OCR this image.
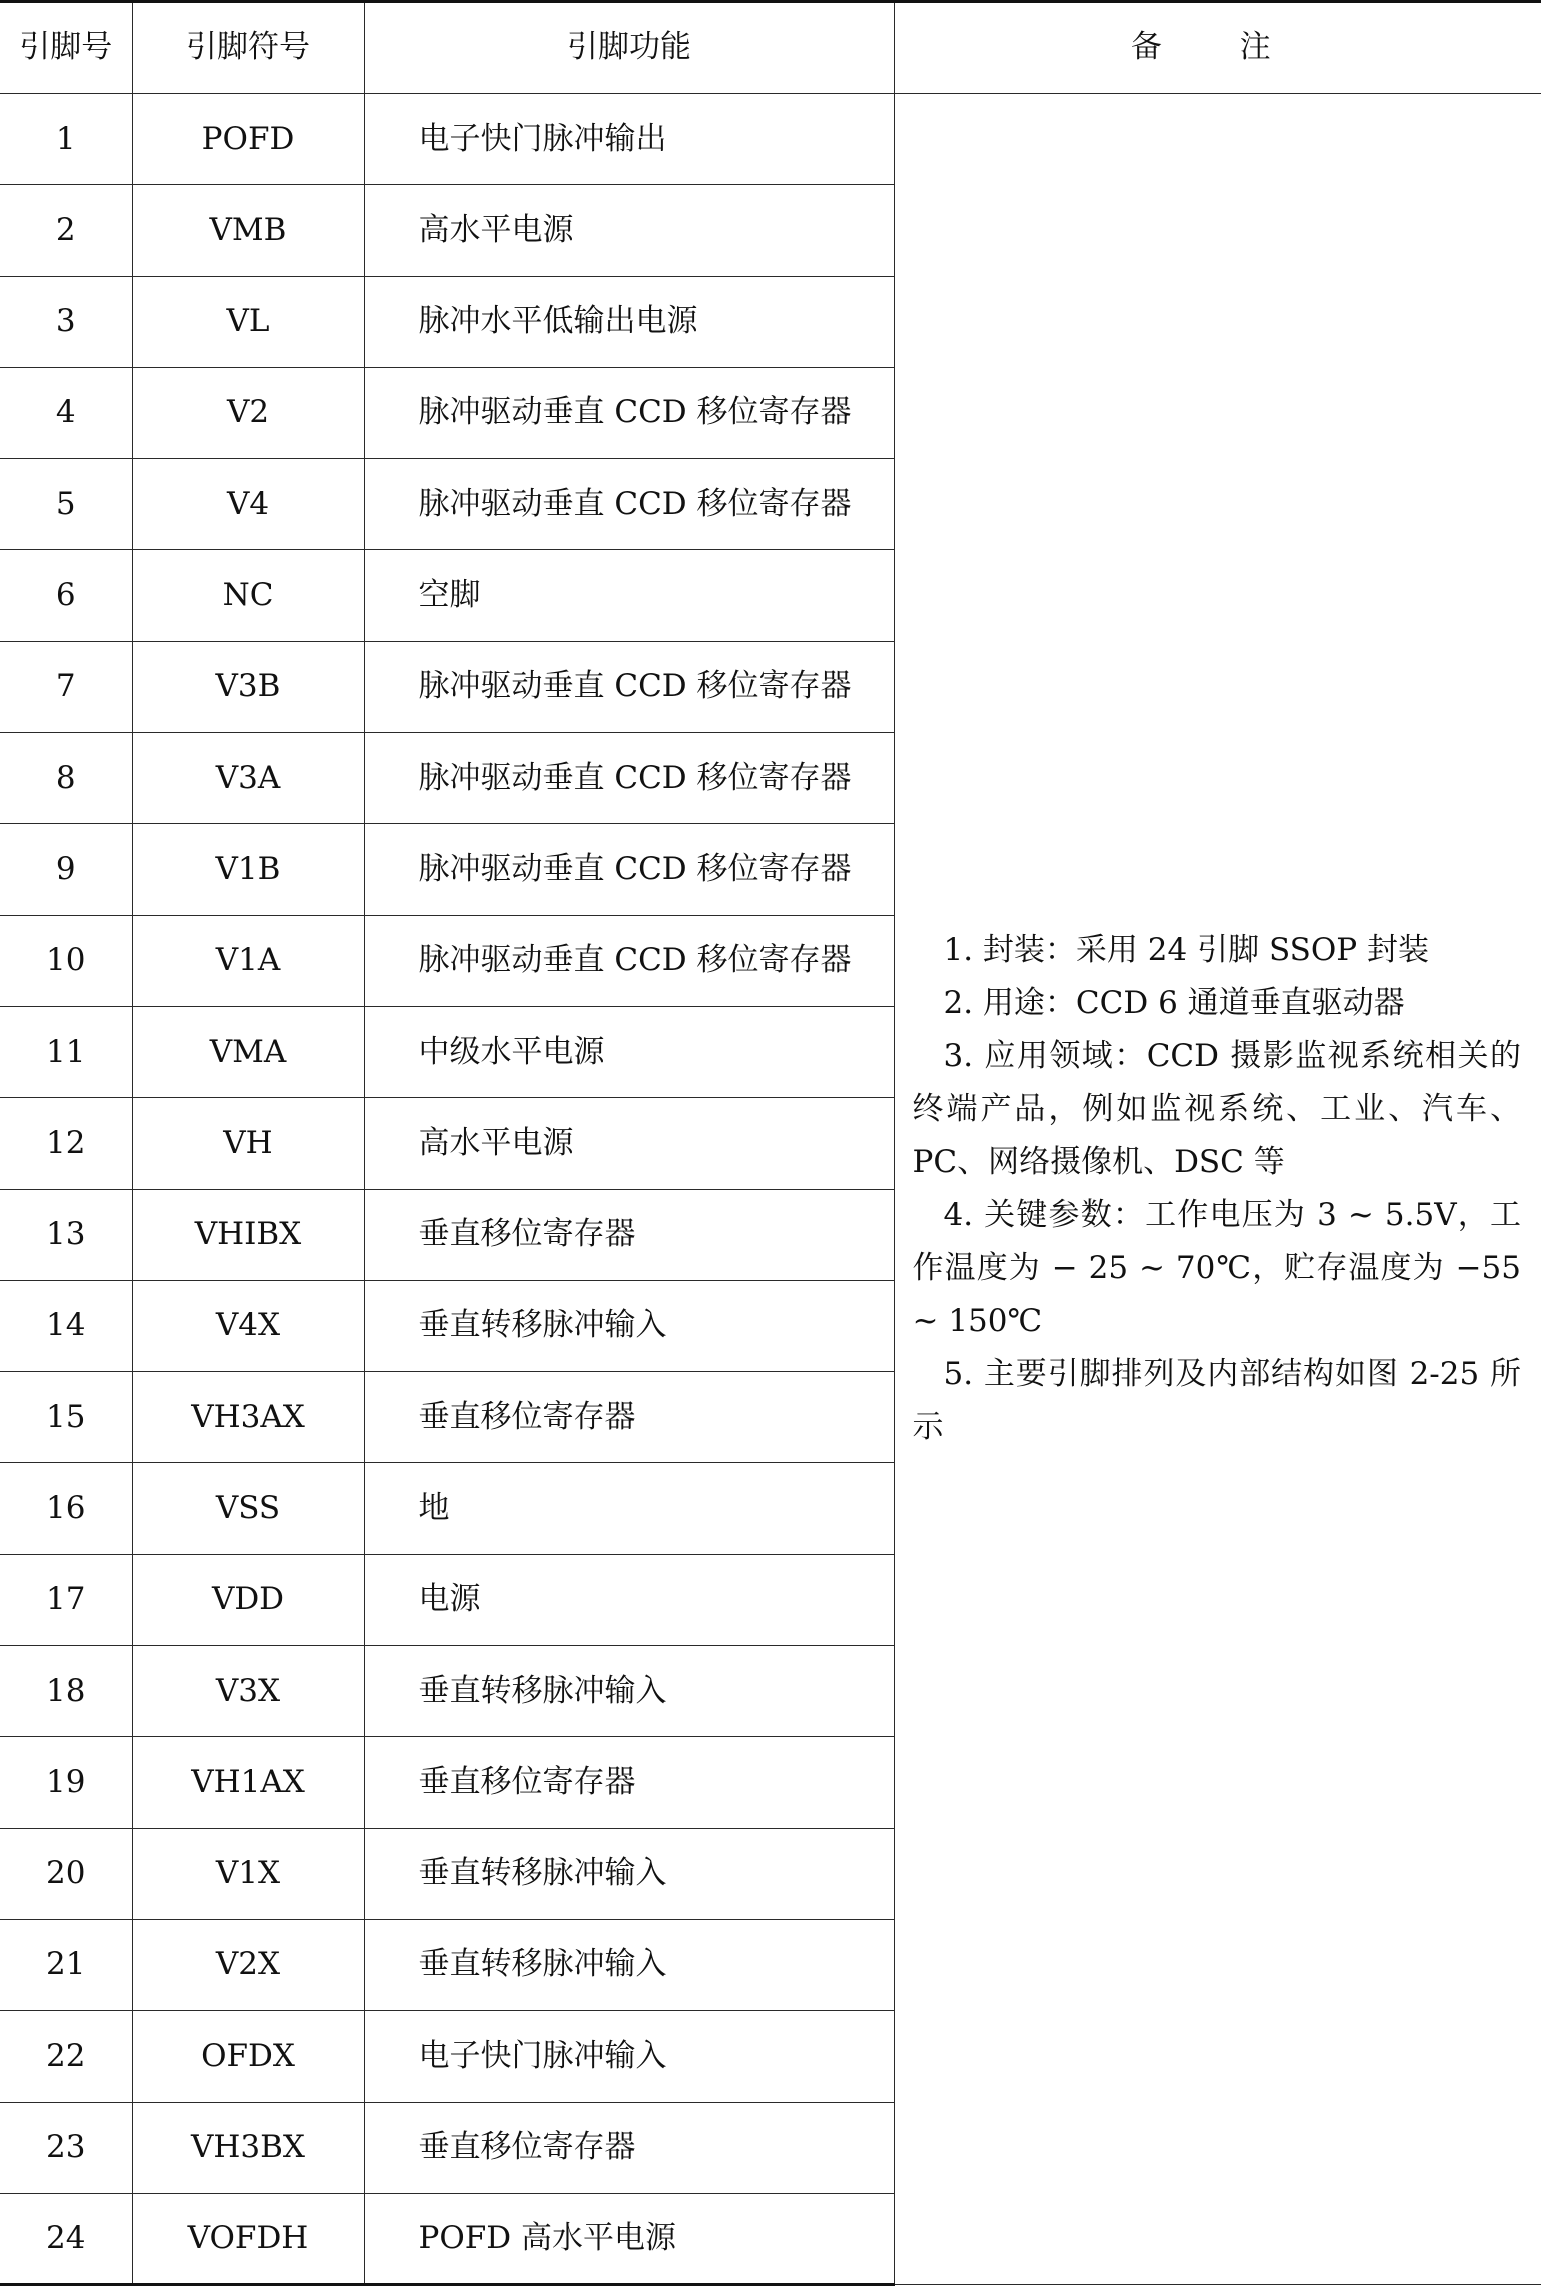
引脚号	引脚符号	引脚功能	备 注
1	POFD	电子快门脉冲输出	1. 封装：采用 24 引脚 SSOP 封装
2. 用途：CCD 6 通道垂直驱动器
3. 应用领域：CCD 摄影监视系统相关的终端产品，例如监视系统、工业、汽车、PC、网络摄像机、DSC 等
4. 关键参数：工作电压为 3 ~ 5.5V，工作温度为 − 25 ~ 70℃，贮存温度为 −55 ~ 150℃
5. 主要引脚排列及内部结构如图 2-25 所示

2	VMB	高水平电源	
3	VL	脉冲水平低输出电源	
4	V2	脉冲驱动垂直 CCD 移位寄存器	
5	V4	脉冲驱动垂直 CCD 移位寄存器	
6	NC	空脚	
7	V3B	脉冲驱动垂直 CCD 移位寄存器	
8	V3A	脉冲驱动垂直 CCD 移位寄存器	
9	V1B	脉冲驱动垂直 CCD 移位寄存器	
10	V1A	脉冲驱动垂直 CCD 移位寄存器	
11	VMA	中级水平电源	
12	VH	高水平电源	
13	VHIBX	垂直移位寄存器	
14	V4X	垂直转移脉冲输入	
15	VH3AX	垂直移位寄存器	
16	VSS	地	
17	VDD	电源	
18	V3X	垂直转移脉冲输入	
19	VH1AX	垂直移位寄存器	
20	V1X	垂直转移脉冲输入	
21	V2X	垂直转移脉冲输入	
22	OFDX	电子快门脉冲输入	
23	VH3BX	垂直移位寄存器	
24	VOFDH	POFD 高水平电源	
